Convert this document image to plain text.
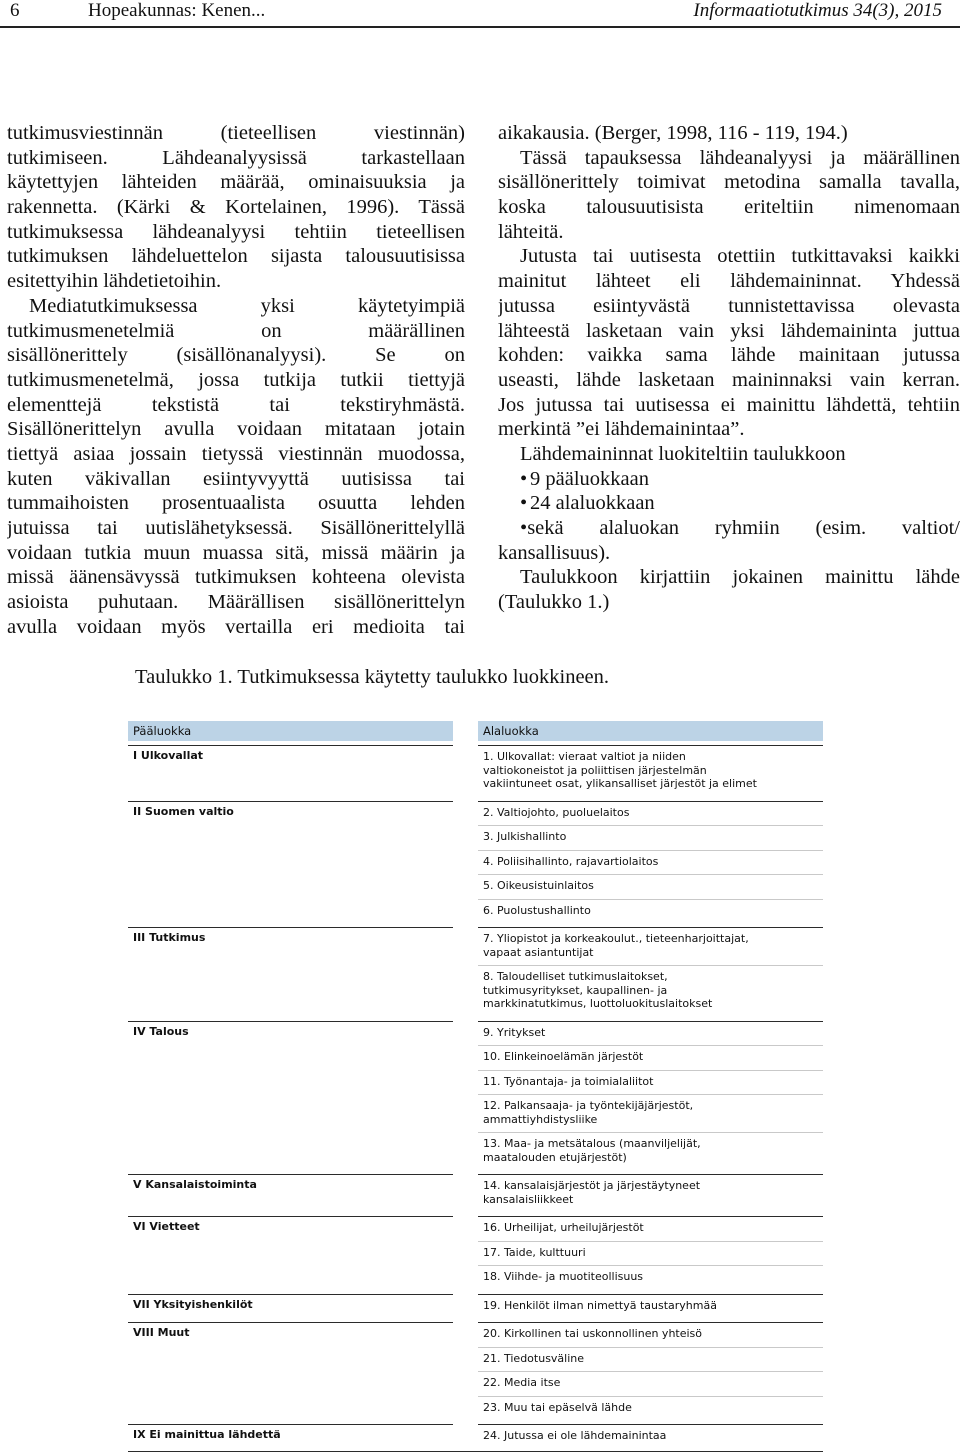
6	Hopeakunnas: Kenen...	Informaatiotutkimus 34(3), 2015
tutkimusviestinnän (tieteellisen viestinnän)
tutkimiseen. Lähdeanalyysissä tarkastellaan
käytettyjen lähteiden määrää, ominaisuuksia ja
rakennetta. (Kärki & Kortelainen, 1996). Tässä
tutkimuksessa lähdeanalyysi tehtiin tieteellisen
tutkimuksen lähdeluettelon sijasta talousuutisissa
esitettyihin lähdetietoihin.
Mediatutkimuksessa yksi käytetyimpiä
tutkimusmenetelmiä on määrällinen
sisällönerittely (sisällönanalyysi). Se on
tutkimusmenetelmä, jossa tutkija tutkii tiettyjä
elementtejä tekstistä tai tekstiryhmästä.
Sisällönerittelyn avulla voidaan mitataan jotain
tiettyä asiaa jossain tietyssä viestinnän muodossa,
kuten väkivallan esiintyvyyttä uutisissa tai
tummaihoisten prosentuaalista osuutta lehden
jutuissa tai uutislähetyksessä. Sisällönerittelyllä
voidaan tutkia muun muassa sitä, missä määrin ja
missä äänensävyssä tutkimuksen kohteena olevista
asioista puhutaan. Määrällisen sisällönerittelyn
avulla voidaan myös vertailla eri medioita tai
aikakausia. (Berger, 1998, 116 - 119, 194.)
Tässä tapauksessa lähdeanalyysi ja määrällinen
sisällönerittely toimivat metodina samalla tavalla,
koska talousuutisista eriteltiin nimenomaan
lähteitä.
Jutusta tai uutisesta otettiin tutkittavaksi kaikki
mainitut lähteet eli lähdemaininnat. Yhdessä
jutussa esiintyvästä tunnistettavissa olevasta
lähteestä lasketaan vain yksi lähdemaininta juttua
kohden: vaikka sama lähde mainitaan jutussa
useasti, lähde lasketaan maininnaksi vain kerran.
Jos jutussa tai uutisessa ei mainittu lähdettä, tehtiin
merkintä ”ei lähdemainintaa”.
Lähdemaininnat luokiteltiin taulukkoon
• 9 pääluokkaan
• 24 alaluokkaan
•sekä alaluokan ryhmiin (esim. valtiot/
kansallisuus).
Taulukkoon kirjattiin jokainen mainittu lähde
(Taulukko 1.)
Taulukko 1. Tutkimuksessa käytetty taulukko luokkineen.
Pääluokka	Alaluokka
I Ulkovallat	1. Ulkovallat: vieraat valtiot ja niiden
valtiokoneistot ja poliittisen järjestelmän
vakiintuneet osat, ylikansalliset järjestöt ja elimet
II Suomen valtio	2. Valtiojohto, puoluelaitos
3. Julkishallinto
4. Poliisihallinto, rajavartiolaitos
5. Oikeusistuinlaitos
6. Puolustushallinto
III Tutkimus	7. Yliopistot ja korkeakoulut., tieteenharjoittajat,
vapaat asiantuntijat
8. Taloudelliset tutkimuslaitokset,
tutkimusyritykset, kaupallinen- ja
markkinatutkimus, luottoluokituslaitokset
IV Talous	9. Yritykset
10. Elinkeinoelämän järjestöt
11. Työnantaja- ja toimialaliitot
12. Palkansaaja- ja työntekijäjärjestöt,
ammattiyhdistysliike
13. Maa- ja metsätalous (maanviljelijät,
maatalouden etujärjestöt)
V Kansalaistoiminta	14. kansalaisjärjestöt ja järjestäytyneet
kansalaisliikkeet
VI Vietteet	16. Urheilijat, urheilujärjestöt
17. Taide, kulttuuri
18. Viihde- ja muotiteollisuus
VII Yksityishenkilöt	19. Henkilöt ilman nimettyä taustaryhmää
VIII Muut	20. Kirkollinen tai uskonnollinen yhteisö
21. Tiedotusväline
22. Media itse
23. Muu tai epäselvä lähde
IX Ei mainittua lähdettä	24. Jutussa ei ole lähdemainintaa
